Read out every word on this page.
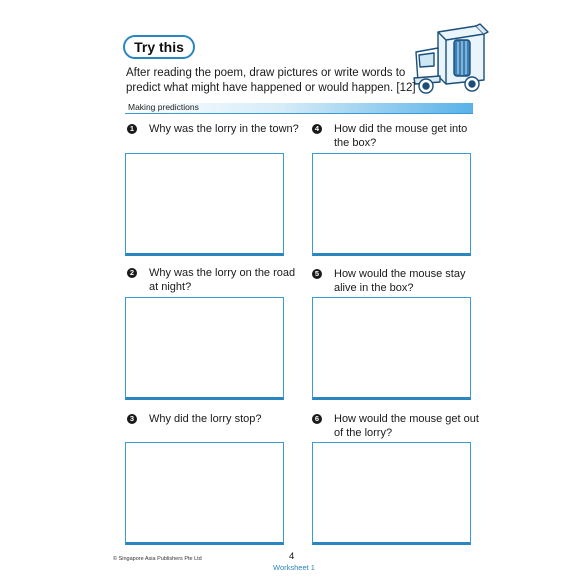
Try this
After reading the poem, draw pictures or write words to predict what might have happened or would happen. [12]
Making predictions
1 Why was the lorry in the town?
2 Why was the lorry on the road at night?
3 Why did the lorry stop?
4 How did the mouse get into the box?
5 How would the mouse stay alive in the box?
6 How would the mouse get out of the lorry?
© Singapore Asia Publishers Pte Ltd	4
Worksheet 1
